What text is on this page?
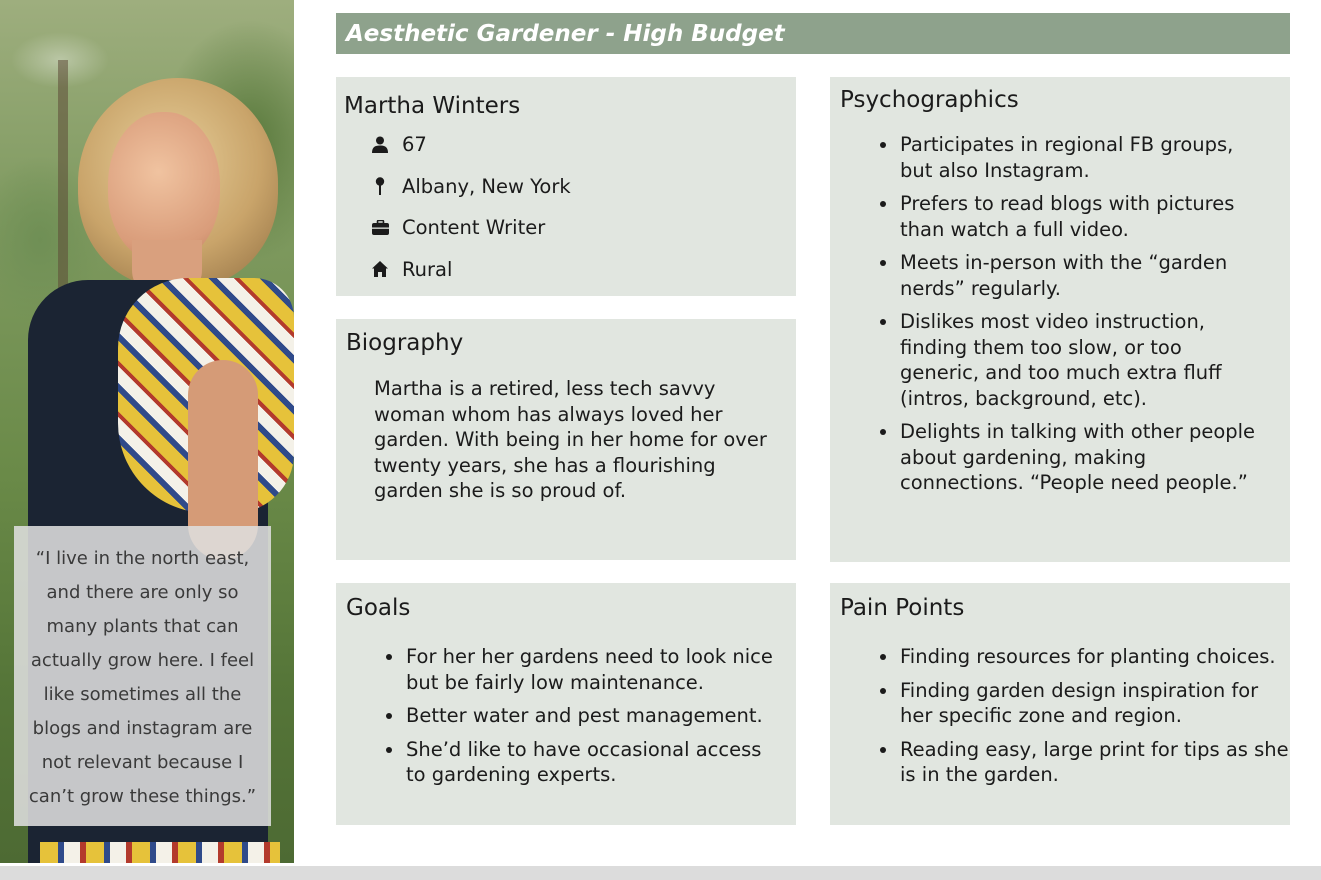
“I live in the north east, and there are only so many plants that can actually grow here. I feel like sometimes all the blogs and instagram are not relevant because I can’t grow these things.”

Aesthetic Gardener - High Budget
Martha Winters
67
Albany, New York
Content Writer
Rural
Biography

Martha is a retired, less tech savvy woman whom has always loved her garden. With being in her home for over twenty years, she has a flourishing garden she is so proud of.

Psychographics
Participates in regional FB groups, but also Instagram.
Prefers to read blogs with pictures than watch a full video.
Meets in-person with the “garden nerds” regularly.
Dislikes most video instruction, finding them too slow, or too generic, and too much extra fluff (intros, background, etc).
Delights in talking with other people about gardening, making connections. “People need people.”
Goals
For her her gardens need to look nice but be fairly low maintenance.
Better water and pest management.
She’d like to have occasional access to gardening experts.
Pain Points
Finding resources for planting choices.
Finding garden design inspiration for her specific zone and region.
Reading easy, large print for tips as she is in the garden.
